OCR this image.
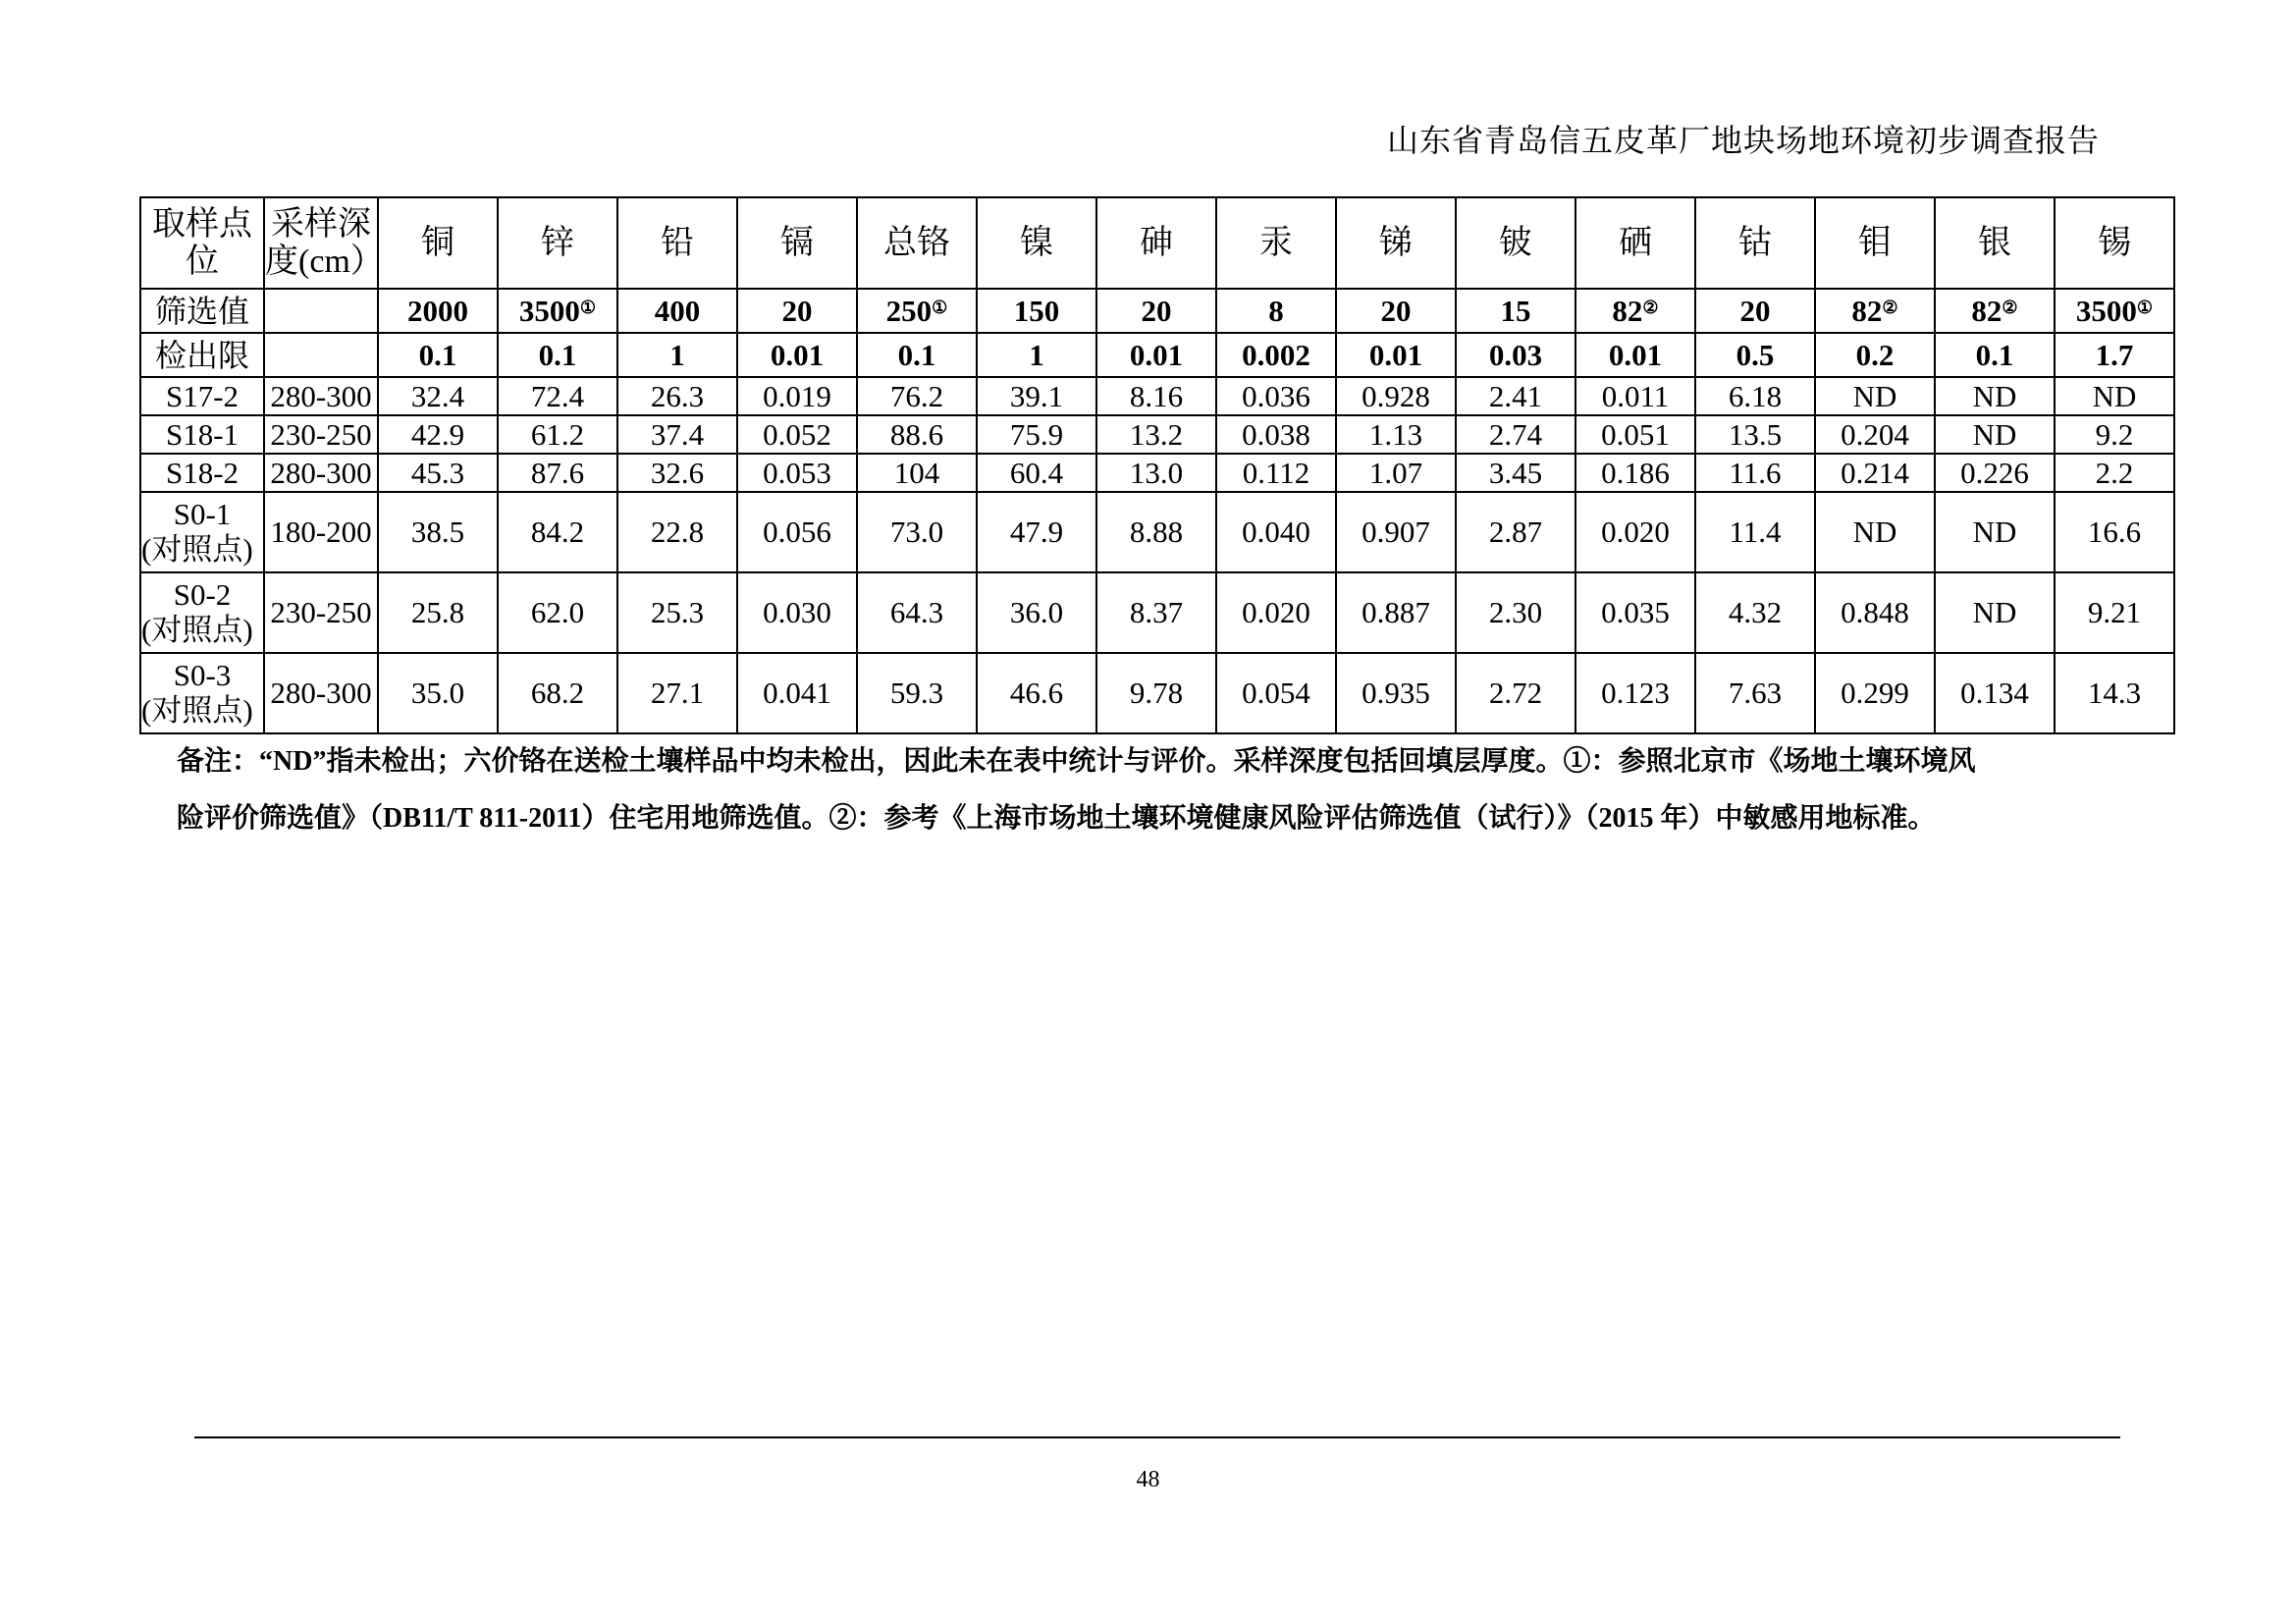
山东省青岛信五皮革厂地块场地环境初步调查报告
取样点位	采样深度(cm）	铜	锌	铅	镉	总铬	镍	砷	汞	锑	铍	硒	钴	钼	银	锡
筛选值		2000	3500①	400	20	250①	150	20	8	20	15	82②	20	82②	82②	3500①
检出限		0.1	0.1	1	0.01	0.1	1	0.01	0.002	0.01	0.03	0.01	0.5	0.2	0.1	1.7

S17-2	280-300	32.4	72.4	26.3	0.019	76.2	39.1	8.16	0.036	0.928	2.41	0.011	6.18	ND	ND	ND

S18-1	230-250	42.9	61.2	37.4	0.052	88.6	75.9	13.2	0.038	1.13	2.74	0.051	13.5	0.204	ND	9.2

S18-2	280-300	45.3	87.6	32.6	0.053	104	60.4	13.0	0.112	1.07	3.45	0.186	11.6	0.214	0.226	2.2

S0-1
(对照点)	180-200	38.5	84.2	22.8	0.056	73.0	47.9	8.88	0.040	0.907	2.87	0.020	11.4	ND	ND	16.6

S0-2
(对照点)	230-250	25.8	62.0	25.3	0.030	64.3	36.0	8.37	0.020	0.887	2.30	0.035	4.32	0.848	ND	9.21

S0-3
(对照点)	280-300	35.0	68.2	27.1	0.041	59.3	46.6	9.78	0.054	0.935	2.72	0.123	7.63	0.299	0.134	14.3

备注：“ND”指未检出；六价铬在送检土壤样品中均未检出，因此未在表中统计与评价。采样深度包括回填层厚度。①：参照北京市《场地土壤环境风

险评价筛选值》（DB11/T 811-2011）住宅用地筛选值。②：参考《上海市场地土壤环境健康风险评估筛选值（试行）》（2015 年）中敏感用地标准。

48
